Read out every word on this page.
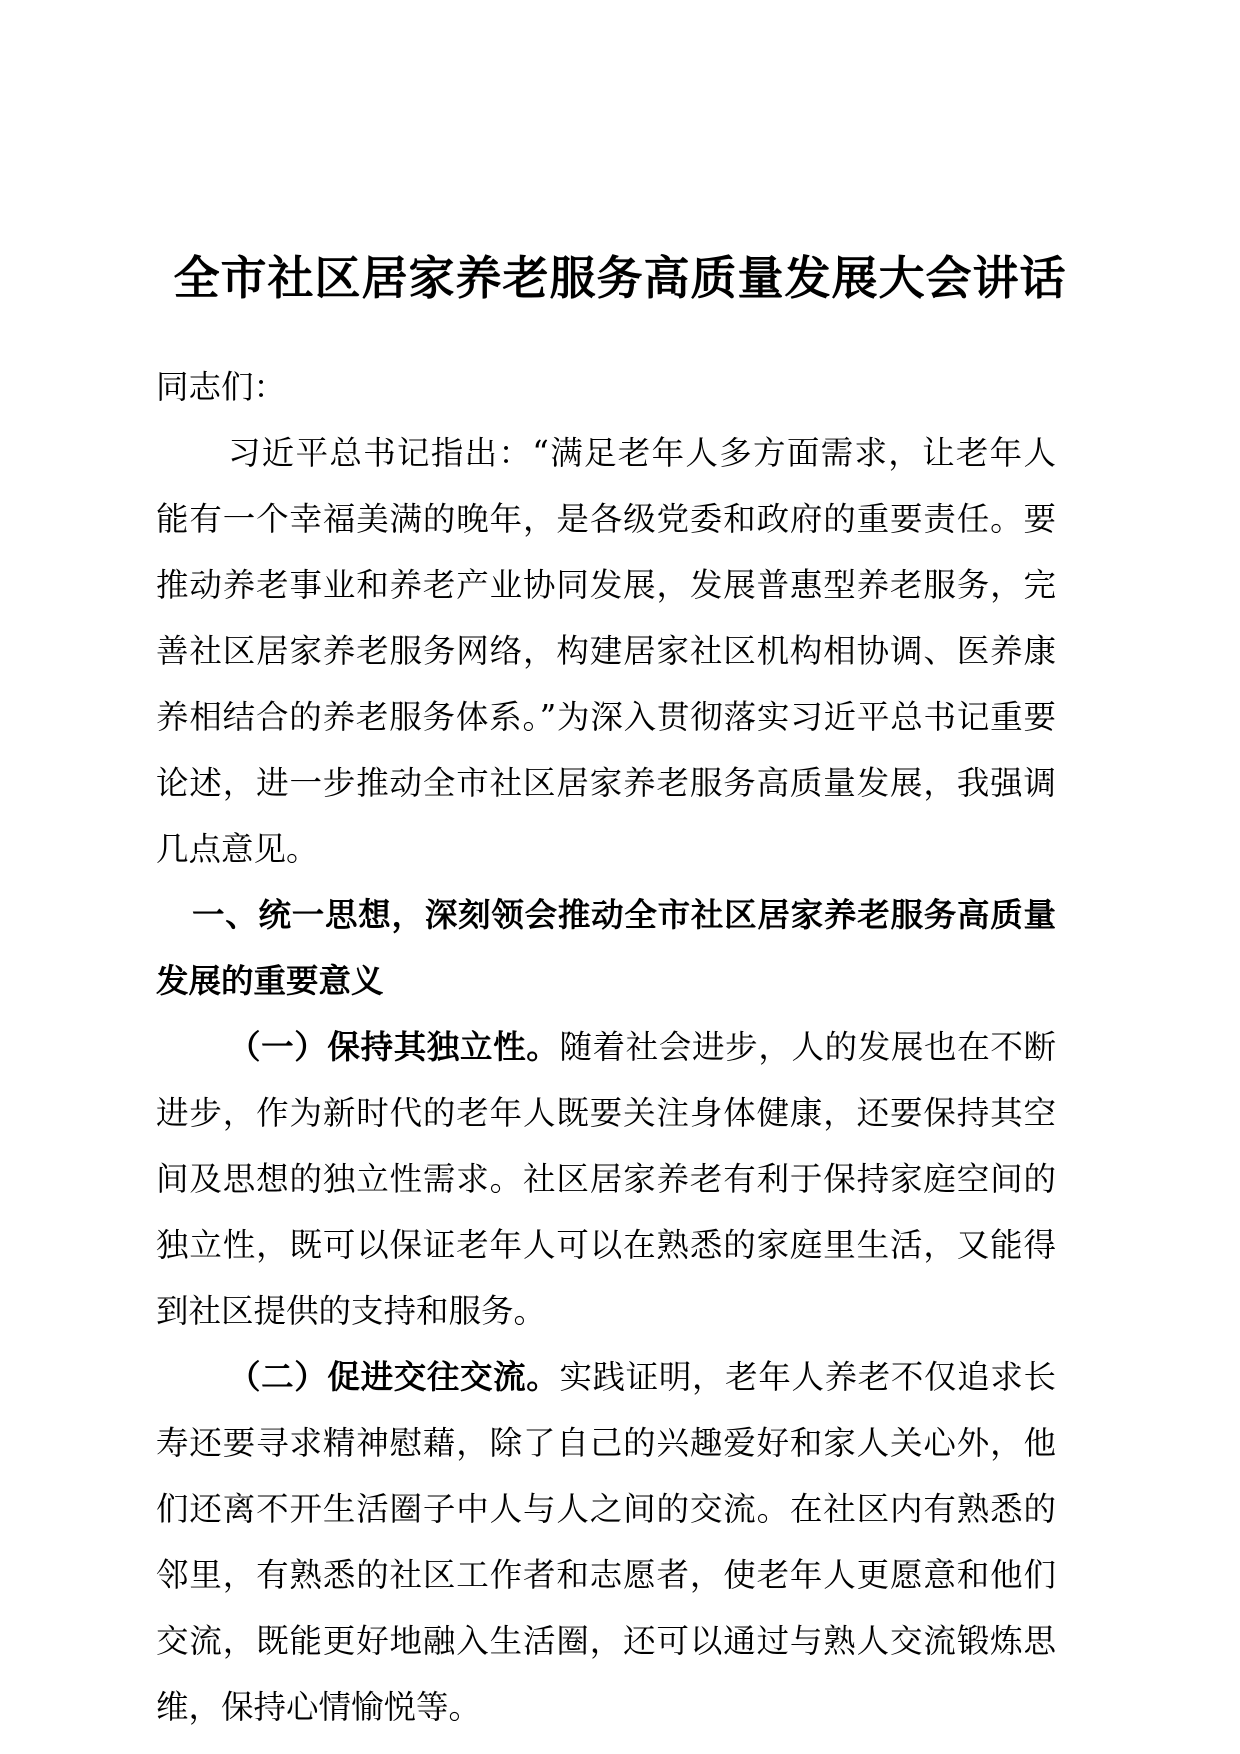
全市社区居家养老服务高质量发展大会讲话

同志们：

习近平总书记指出：“满足老年人多方面需求，让老年人能有一个幸福美满的晚年，是各级党委和政府的重要责任。要推动养老事业和养老产业协同发展，发展普惠型养老服务，完善社区居家养老服务网络，构建居家社区机构相协调、医养康养相结合的养老服务体系。”为深入贯彻落实习近平总书记重要论述，进一步推动全市社区居家养老服务高质量发展，我强调几点意见。

一、统一思想，深刻领会推动全市社区居家养老服务高质量发展的重要意义

（一）保持其独立性。随着社会进步，人的发展也在不断进步，作为新时代的老年人既要关注身体健康，还要保持其空间及思想的独立性需求。社区居家养老有利于保持家庭空间的独立性，既可以保证老年人可以在熟悉的家庭里生活，又能得到社区提供的支持和服务。

（二）促进交往交流。实践证明，老年人养老不仅追求长寿还要寻求精神慰藉，除了自己的兴趣爱好和家人关心外，他们还离不开生活圈子中人与人之间的交流。在社区内有熟悉的邻里，有熟悉的社区工作者和志愿者，使老年人更愿意和他们交流，既能更好地融入生活圈，还可以通过与熟人交流锻炼思维，保持心情愉悦等。
